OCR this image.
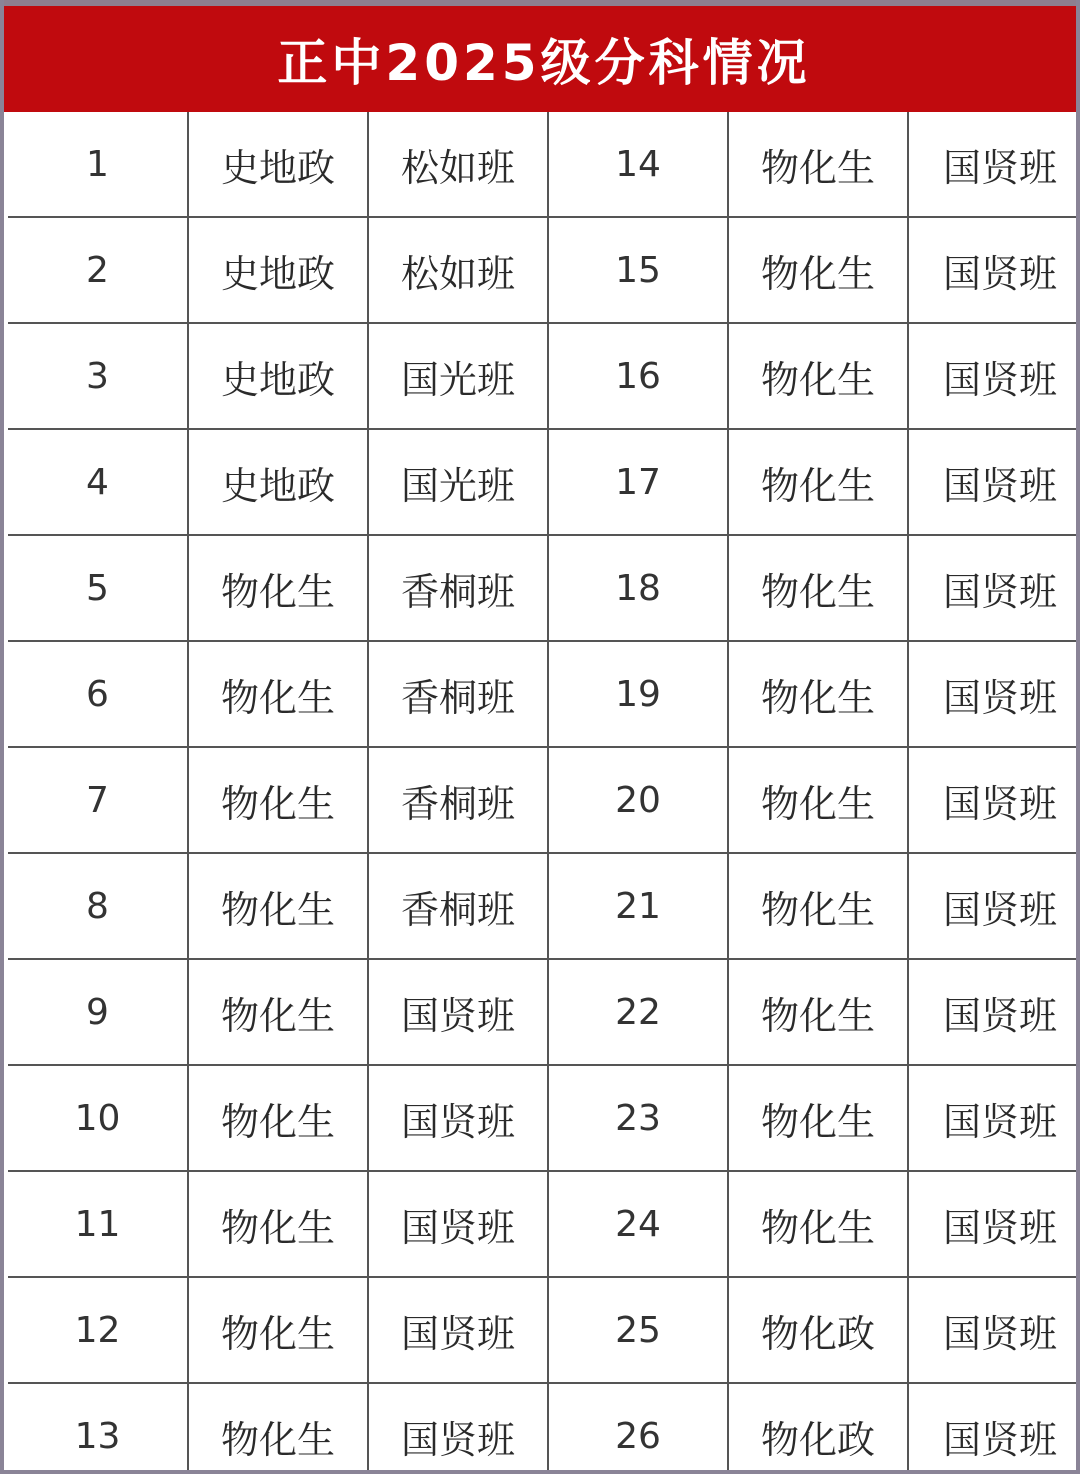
正中2025级分科情况
1	史地政	松如班	14	物化生	国贤班
2	史地政	松如班	15	物化生	国贤班
3	史地政	国光班	16	物化生	国贤班
4	史地政	国光班	17	物化生	国贤班
5	物化生	香桐班	18	物化生	国贤班
6	物化生	香桐班	19	物化生	国贤班
7	物化生	香桐班	20	物化生	国贤班
8	物化生	香桐班	21	物化生	国贤班
9	物化生	国贤班	22	物化生	国贤班
10	物化生	国贤班	23	物化生	国贤班
11	物化生	国贤班	24	物化生	国贤班
12	物化生	国贤班	25	物化政	国贤班
13	物化生	国贤班	26	物化政	国贤班
